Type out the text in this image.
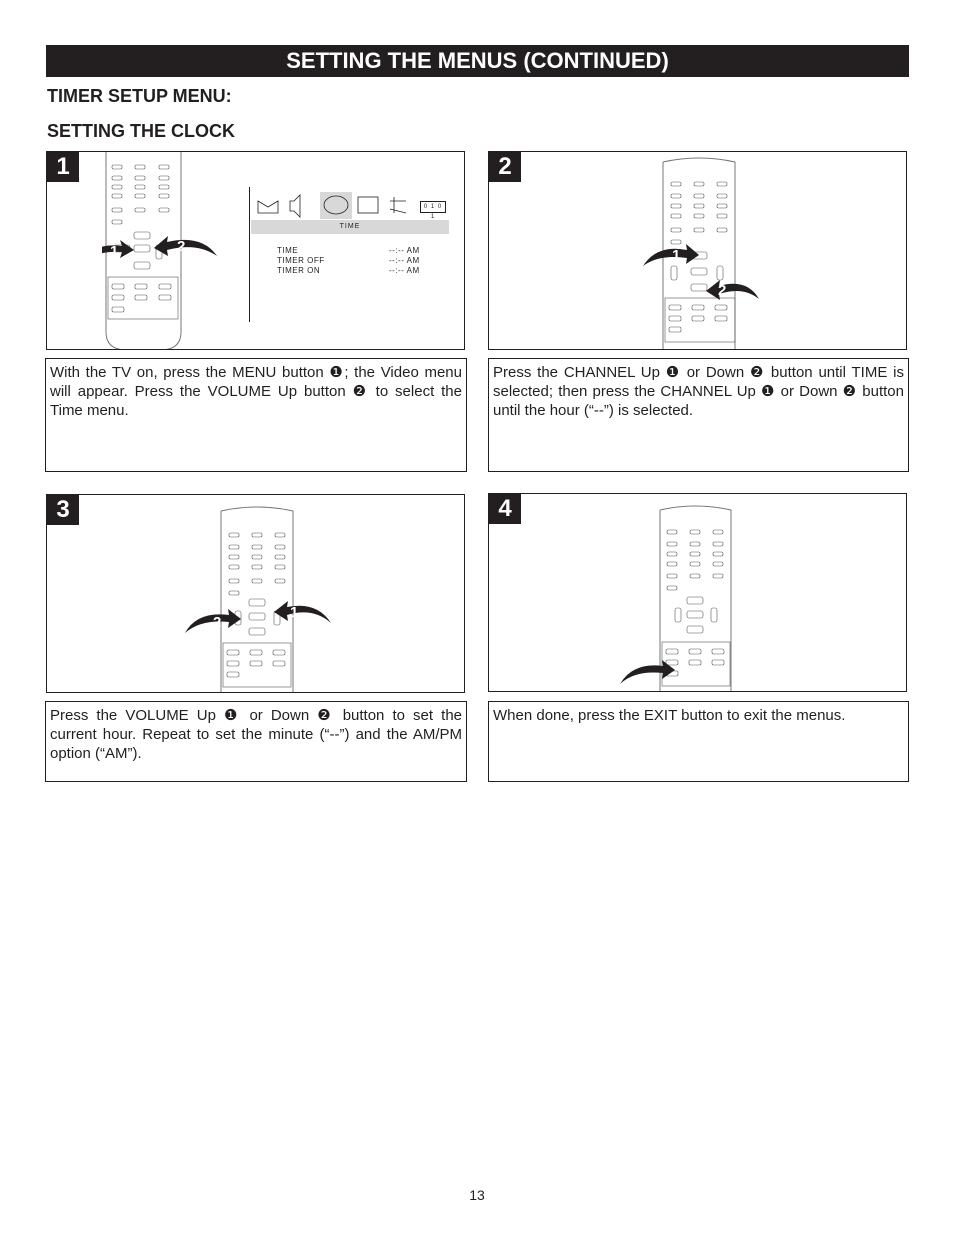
SETTING THE MENUS (CONTINUED)
TIMER SETUP MENU:
SETTING THE CLOCK
1
1	2
0 1 0 1
TIME
TIME	--:-- AM
TIMER OFF	--:-- AM
TIMER ON	--:-- AM
2
1
2
With the TV on, press the MENU button ❶; the Video menu will appear. Press the VOLUME Up button ❷ to select the Time menu.
Press the CHANNEL Up ❶ or Down ❷ button until TIME is selected; then press the CHANNEL Up ❶ or Down ❷ button until the hour (“--”) is selected.
3
1
2
4
Press the VOLUME Up ❶ or Down ❷ button to set the current hour. Repeat to set the minute (“--”) and the AM/PM option (“AM”).
When done, press the EXIT button to exit the menus.
13
